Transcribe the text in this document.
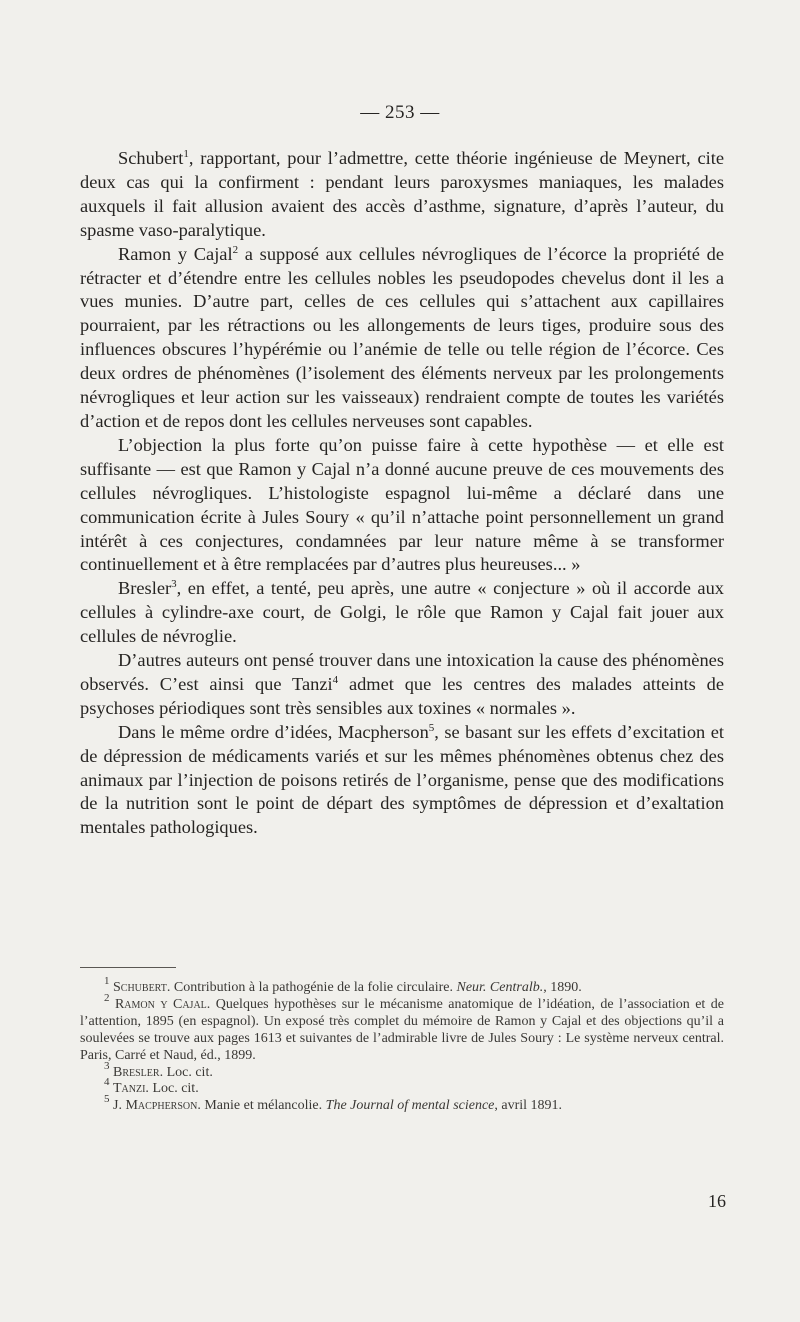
— 253 —

Schubert$^1$, rapportant, pour l’admettre, cette théorie ingénieuse de Meynert, cite deux cas qui la confirment : pendant leurs paroxysmes maniaques, les malades auxquels il fait allusion avaient des accès d’asthme, signature, d’après l’auteur, du spasme vaso-paralytique.

Ramon y Cajal$^2$ a supposé aux cellules névrogliques de l’écorce la propriété de rétracter et d’étendre entre les cellules nobles les pseudopodes chevelus dont il les a vues munies. D’autre part, celles de ces cellules qui s’attachent aux capillaires pourraient, par les rétractions ou les allongements de leurs tiges, produire sous des influences obscures l’hypérémie ou l’anémie de telle ou telle région de l’écorce. Ces deux ordres de phénomènes (l’isolement des éléments nerveux par les prolongements névrogliques et leur action sur les vaisseaux) rendraient compte de toutes les variétés d’action et de repos dont les cellules nerveuses sont capables.

L’objection la plus forte qu’on puisse faire à cette hypothèse — et elle est suffisante — est que Ramon y Cajal n’a donné aucune preuve de ces mouvements des cellules névrogliques. L’histologiste espagnol lui-même a déclaré dans une communication écrite à Jules Soury « qu’il n’attache point personnellement un grand intérêt à ces conjectures, condamnées par leur nature même à se transformer continuellement et à être remplacées par d’autres plus heureuses... »

Bresler$^3$, en effet, a tenté, peu après, une autre « conjecture » où il accorde aux cellules à cylindre-axe court, de Golgi, le rôle que Ramon y Cajal fait jouer aux cellules de névroglie.

D’autres auteurs ont pensé trouver dans une intoxication la cause des phénomènes observés. C’est ainsi que Tanzi$^4$ admet que les centres des malades atteints de psychoses périodiques sont très sensibles aux toxines « normales ».

Dans le même ordre d’idées, Macpherson$^5$, se basant sur les effets d’excitation et de dépression de médicaments variés et sur les mêmes phénomènes obtenus chez des animaux par l’injection de poisons retirés de l’organisme, pense que des modifications de la nutrition sont le point de départ des symptômes de dépression et d’exaltation mentales pathologiques.

$^1$ Schubert. Contribution à la pathogénie de la folie circulaire. Neur. Centralb., 1890.

$^2$ Ramon y Cajal. Quelques hypothèses sur le mécanisme anatomique de l’idéation, de l’association et de l’attention, 1895 (en espagnol). Un exposé très complet du mémoire de Ramon y Cajal et des objections qu’il a soulevées se trouve aux pages 1613 et suivantes de l’admirable livre de Jules Soury : Le système nerveux central. Paris, Carré et Naud, éd., 1899.

$^3$ Bresler. Loc. cit.

$^4$ Tanzi. Loc. cit.

$^5$ J. Macpherson. Manie et mélancolie. The Journal of mental science, avril 1891.

16
